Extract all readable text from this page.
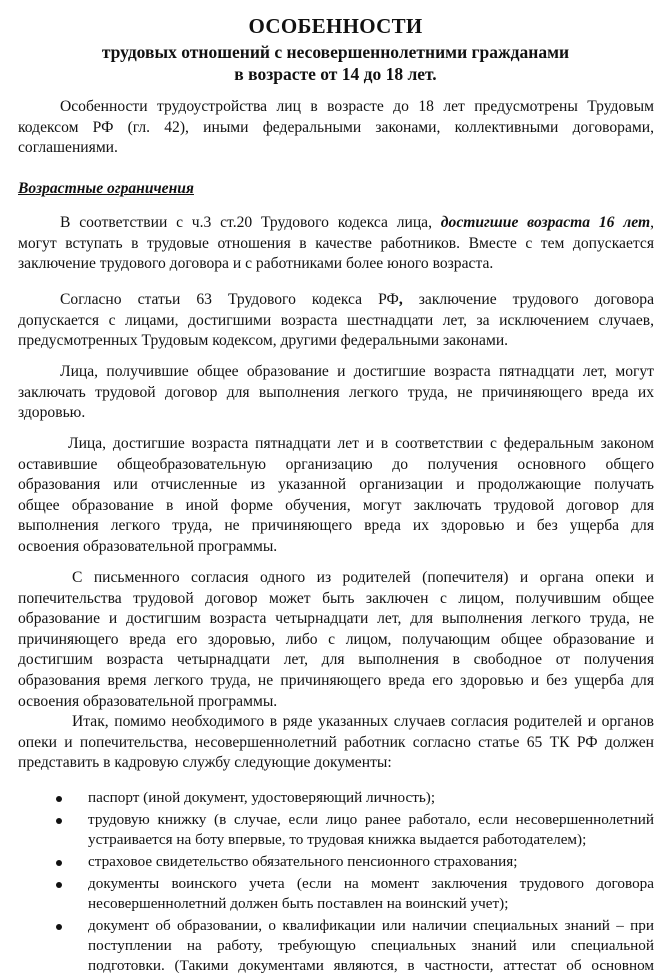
ОСОБЕННОСТИ
трудовых отношений с несовершеннолетними гражданами
в возрасте от 14 до 18 лет.
Особенности трудоустройства лиц в возрасте до 18 лет предусмотрены Трудовым
кодексом РФ (гл. 42), иными федеральными законами, коллективными договорами,
соглашениями.
Возрастные ограничения
В соответствии с ч.3 ст.20 Трудового кодекса лица, достигшие возраста 16 лет,
могут вступать в трудовые отношения в качестве работников. Вместе с тем допускается
заключение трудового договора и с работниками более юного возраста.
Согласно статьи 63 Трудового кодекса РФ, заключение трудового договора
допускается с лицами, достигшими возраста шестнадцати лет, за исключением случаев,
предусмотренных Трудовым кодексом, другими федеральными законами.
Лица, получившие общее образование и достигшие возраста пятнадцати лет, могут
заключать трудовой договор для выполнения легкого труда, не причиняющего вреда их
здоровью.
Лица, достигшие возраста пятнадцати лет и в соответствии с федеральным законом
оставившие общеобразовательную организацию до получения основного общего
образования или отчисленные из указанной организации и продолжающие получать
общее образование в иной форме обучения, могут заключать трудовой договор для
выполнения легкого труда, не причиняющего вреда их здоровью и без ущерба для
освоения образовательной программы.
С письменного согласия одного из родителей (попечителя) и органа опеки и
попечительства трудовой договор может быть заключен с лицом, получившим общее
образование и достигшим возраста четырнадцати лет, для выполнения легкого труда, не
причиняющего вреда его здоровью, либо с лицом, получающим общее образование и
достигшим возраста четырнадцати лет, для выполнения в свободное от получения
образования время легкого труда, не причиняющего вреда его здоровью и без ущерба для
освоения образовательной программы.
Итак, помимо необходимого в ряде указанных случаев согласия родителей и органов
опеки и попечительства, несовершеннолетний работник согласно статье 65 ТК РФ должен
представить в кадровую службу следующие документы:
паспорт (иной документ, удостоверяющий личность);
трудовую книжку (в случае, если лицо ранее работало, если несовершеннолетний
устраивается на боту впервые, то трудовая книжка выдается работодателем);
страховое свидетельство обязательного пенсионного страхования;
документы воинского учета (если на момент заключения трудового договора
несовершеннолетний должен быть поставлен на воинский учет);
документ об образовании, о квалификации или наличии специальных знаний – при
поступлении на работу, требующую специальных знаний или специальной
подготовки. (Такими документами являются, в частности, аттестат об основном
